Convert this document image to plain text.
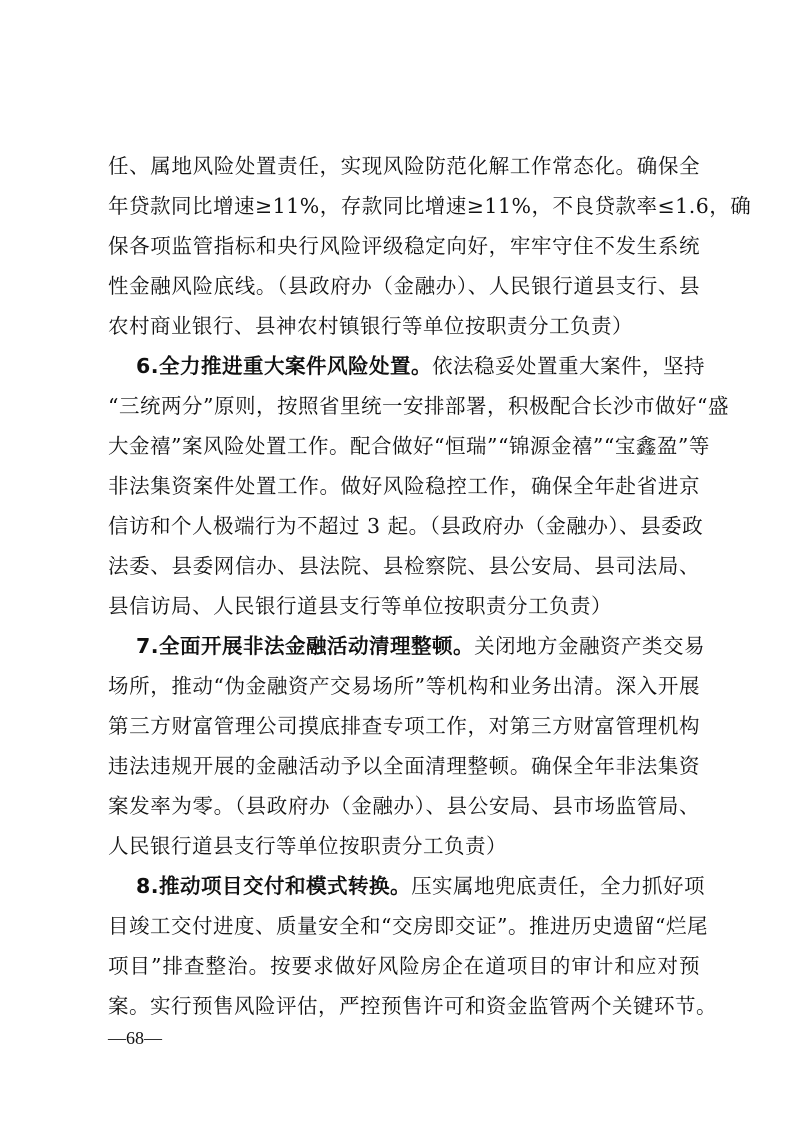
任、属地风险处置责任，实现风险防范化解工作常态化。确保全
年贷款同比增速≥11%，存款同比增速≥11%，不良贷款率≤1.6，确
保各项监管指标和央行风险评级稳定向好，牢牢守住不发生系统
性金融风险底线。（县政府办（金融办）、人民银行道县支行、县
农村商业银行、县神农村镇银行等单位按职责分工负责）
6.全力推进重大案件风险处置。依法稳妥处置重大案件，坚持
“三统两分”原则，按照省里统一安排部署，积极配合长沙市做好“盛
大金禧”案风险处置工作。配合做好“恒瑞”“锦源金禧”“宝鑫盈”等
非法集资案件处置工作。做好风险稳控工作，确保全年赴省进京
信访和个人极端行为不超过 3 起。（县政府办（金融办）、县委政
法委、县委网信办、县法院、县检察院、县公安局、县司法局、
县信访局、人民银行道县支行等单位按职责分工负责）
7.全面开展非法金融活动清理整顿。关闭地方金融资产类交易
场所，推动“伪金融资产交易场所”等机构和业务出清。深入开展
第三方财富管理公司摸底排查专项工作，对第三方财富管理机构
违法违规开展的金融活动予以全面清理整顿。确保全年非法集资
案发率为零。（县政府办（金融办）、县公安局、县市场监管局、
人民银行道县支行等单位按职责分工负责）
8.推动项目交付和模式转换。压实属地兜底责任，全力抓好项
目竣工交付进度、质量安全和“交房即交证”。推进历史遗留“烂尾
项目”排查整治。按要求做好风险房企在道项目的审计和应对预
案。实行预售风险评估，严控预售许可和资金监管两个关键环节。
—68—
